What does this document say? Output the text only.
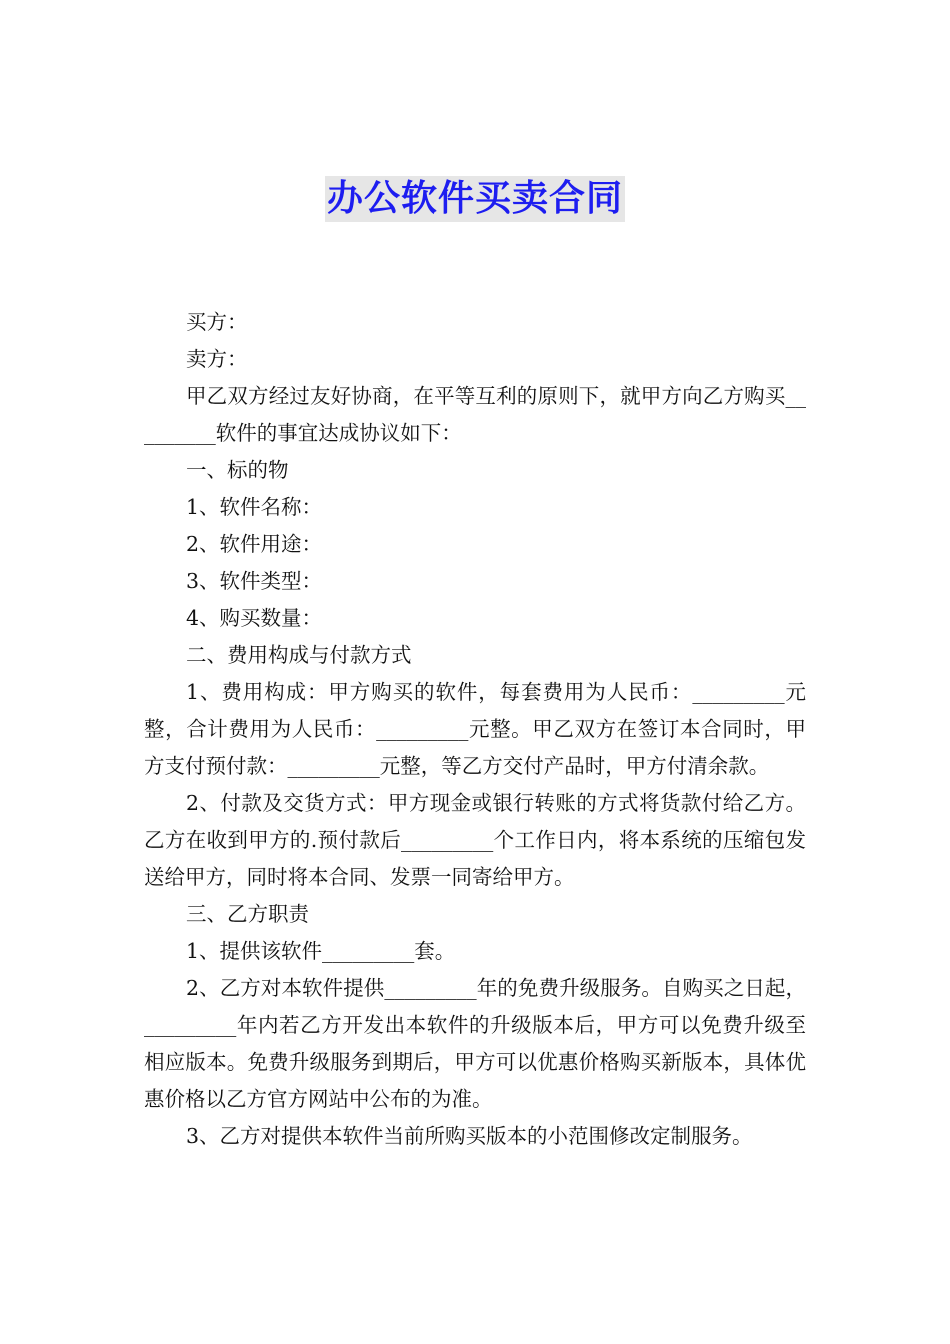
办公软件买卖合同

买方：

卖方：

甲乙双方经过友好协商，在平等互利的原则下，就甲方向乙方购买_________软件的事宜达成协议如下：

一、标的物

1、软件名称：

2、软件用途：

3、软件类型：

4、购买数量：

二、费用构成与付款方式

1、费用构成：甲方购买的软件，每套费用为人民币：_________元整，合计费用为人民币：_________元整。甲乙双方在签订本合同时，甲方支付预付款：_________元整，等乙方交付产品时，甲方付清余款。

2、付款及交货方式：甲方现金或银行转账的方式将货款付给乙方。乙方在收到甲方的.预付款后_________个工作日内，将本系统的压缩包发送给甲方，同时将本合同、发票一同寄给甲方。

三、乙方职责

1、提供该软件_________套。

2、乙方对本软件提供_________年的免费升级服务。自购买之日起，_________年内若乙方开发出本软件的升级版本后，甲方可以免费升级至相应版本。免费升级服务到期后，甲方可以优惠价格购买新版本，具体优惠价格以乙方官方网站中公布的为准。

3、乙方对提供本软件当前所购买版本的小范围修改定制服务。
